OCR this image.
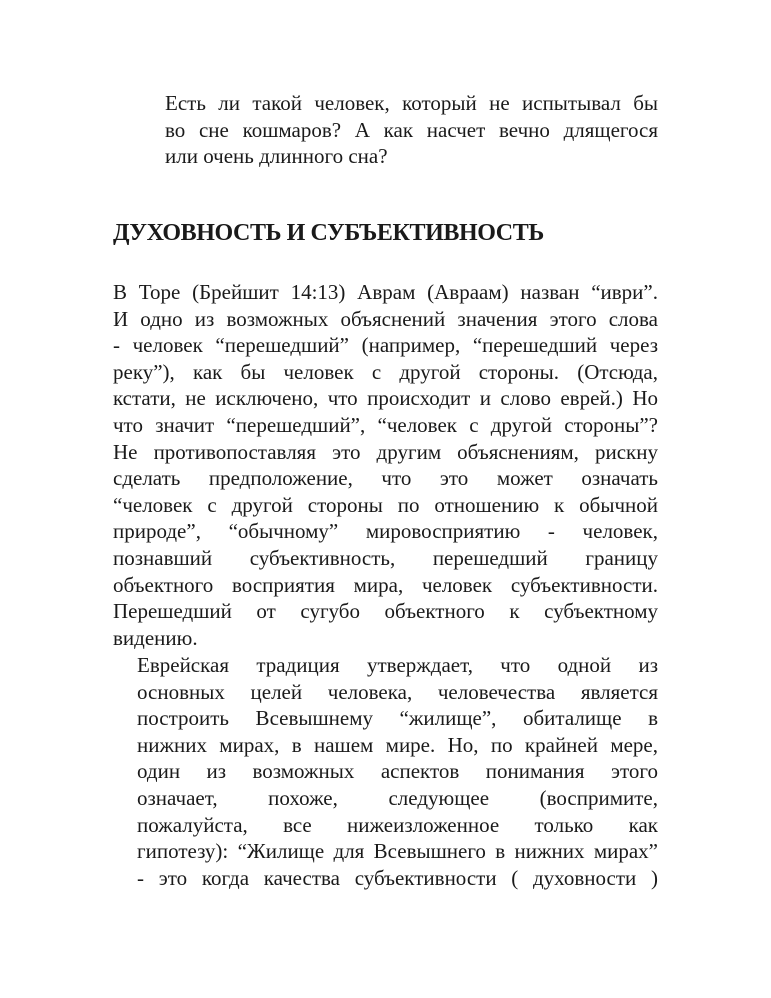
Есть ли такой человек, который не испытывал бы
во сне кошмаров? А как насчет вечно длящегося
или очень длинного сна?
ДУХОВНОСТЬ И СУБЪЕКТИВНОСТЬ
В Торе (Брейшит 14:13) Аврам (Авраам) назван “иври”.
И одно из возможных объяснений значения этого слова
- человек “перешедший” (например, “перешедший через
реку”), как бы человек с другой стороны. (Отсюда,
кстати, не исключено, что происходит и слово еврей.) Но
что значит “перешедший”, “человек с другой стороны”?
Не противопоставляя это другим объяснениям, рискну
сделать предположение, что это может означать
“человек с другой стороны по отношению к обычной
природе”, “обычному” мировосприятию - человек,
познавший субъективность, перешедший границу
объектного восприятия мира, человек субъективности.
Перешедший от сугубо объектного к субъектному
видению.
Еврейская традиция утверждает, что одной из
основных целей человека, человечества является
построить Всевышнему “жилище”, обиталище в
нижних мирах, в нашем мире. Но, по крайней мере,
один из возможных аспектов понимания этого
означает, похоже, следующее (воспримите,
пожалуйста, все нижеизложенное только как
гипотезу): “Жилище для Всевышнего в нижних мирах”
- это когда качества субъективности ( духовности )
